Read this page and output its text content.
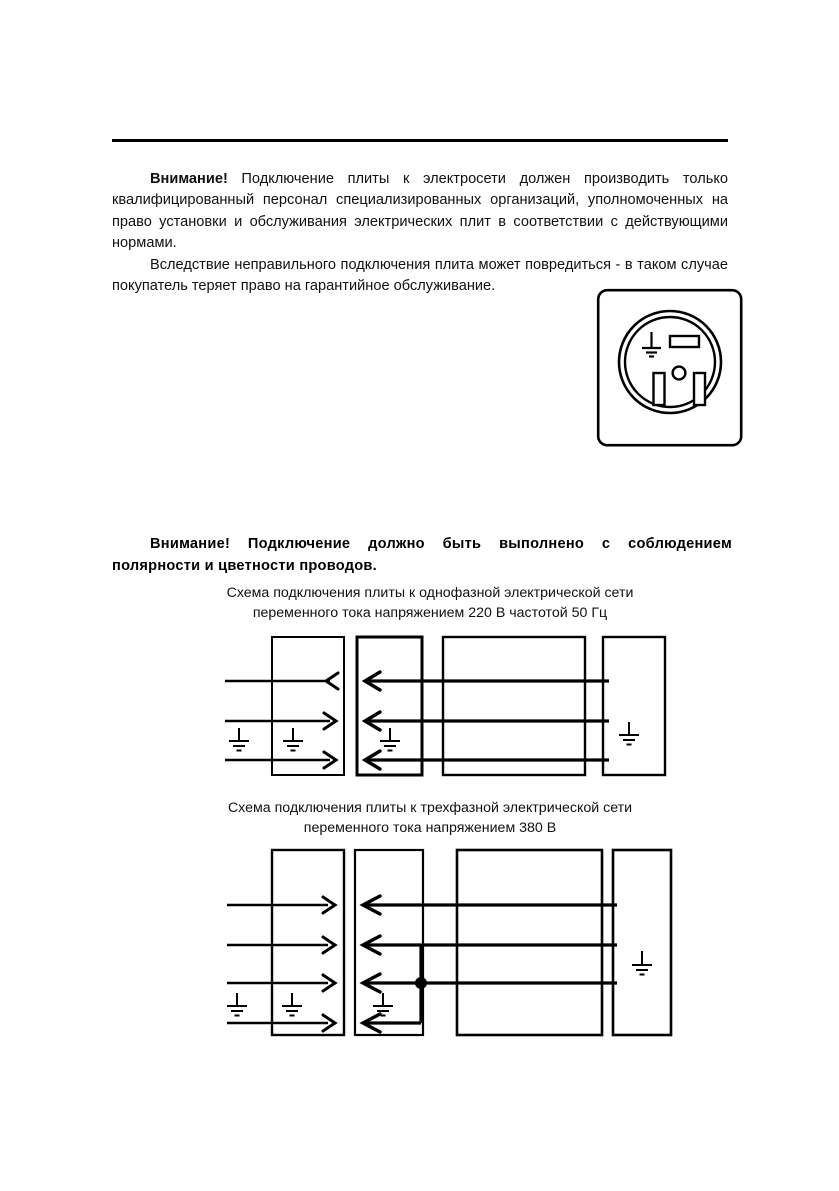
Внимание! Подключение плиты к электросети должен производить только квалифицированный персонал специализированных организаций, уполномоченных на право установки и обслуживания электрических плит в соответствии с действующими нормами.

Вследствие неправильного подключения плита может повредиться - в таком случае покупатель теряет право на гарантийное обслуживание.

Внимание! Подключение должно быть выполнено с соблюдением полярности и цветности проводов.

Схема подключения плиты к однофазной электрической сети
переменного тока напряжением 220 В частотой 50 Гц
Схема подключения плиты к трехфазной электрической сети
переменного тока напряжением 380 В
